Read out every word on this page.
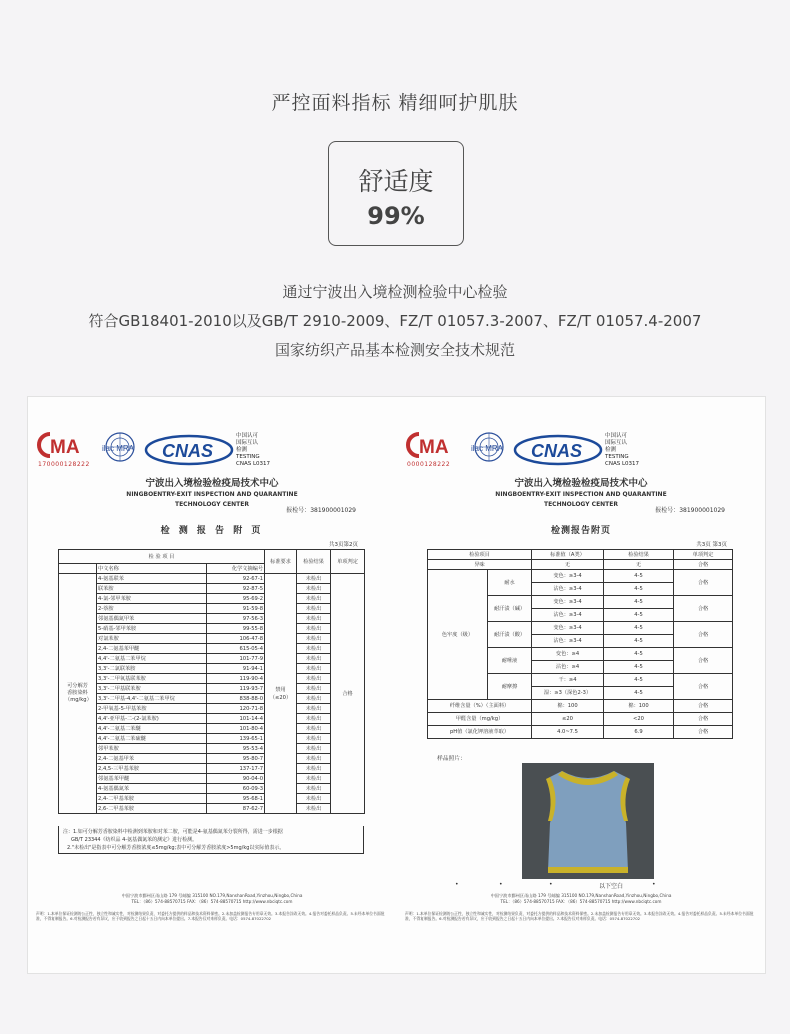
严控面料指标 精细呵护肌肤
舒适度
99%
通过宁波出入境检测检验中心检验
符合GB18401-2010以及GB/T 2910-2009、FZ/T 01057.3-2007、FZ/T 01057.4-2007
国家纺织产品基本检测安全技术规范
MA
170000128222
ilac MRA CNAS
中国认可
国际互认
检测
TESTING
CNAS L0317
宁波出入境检验检疫局技术中心
NINGBOENTRY-EXIT INSPECTION AND QUARANTINE
TECHNOLOGY CENTER
报检号：381900001029
检 测 报 告 附 页
共3页第2页
检 验 项 目			标准要求	检验结果	单项判定
	中文名称	化学文摘编号			
可分解芳香胺染料（mg/kg）	4-氨基联苯	92-67-1	禁用（≤20）	未检出	合格
	联苯胺	92-87-5		未检出	
	4-氯-邻甲苯胺	95-69-2		未检出	
	2-萘胺	91-59-8		未检出	
	邻氨基偶氮甲苯	97-56-3		未检出	
	5-硝基-邻甲苯胺	99-55-8		未检出	
	对氯苯胺	106-47-8		未检出	
	2,4-二氨基苯甲醚	615-05-4		未检出	
	4,4'-二氨基二苯甲烷	101-77-9		未检出	
	3,3'-二氯联苯胺	91-94-1		未检出	
	3,3'-二甲氧基联苯胺	119-90-4		未检出	
	3,3'-二甲基联苯胺	119-93-7		未检出	
	3,3'-二甲基-4,4'-二氨基二苯甲烷	838-88-0		未检出	
	2-甲氧基-5-甲基苯胺	120-71-8		未检出	
	4,4'-亚甲基-二-(2-氯苯胺)	101-14-4		未检出	
	4,4'-二氨基二苯醚	101-80-4		未检出	
	4,4'-二氨基二苯硫醚	139-65-1		未检出	
	邻甲苯胺	95-53-4		未检出	
	2,4-二氨基甲苯	95-80-7		未检出	
	2,4,5-三甲基苯胺	137-17-7		未检出	
	邻氨基苯甲醚	90-04-0		未检出	
	4-氨基偶氮苯	60-09-3		未检出	
	2,4-二甲基苯胺	95-68-1		未检出	
	2,6-二甲基苯胺	87-62-7		未检出	
注：1.如可分解芳香胺染料中检测到苯胺和对苯二胺，可能是4-氨基偶氮苯分裂所得，需进一步根据
GB/T 23344《纺织品 4-氨基偶氮苯的测定》进行检测。
2."未检出"是指表中可分解芳香胺浓度≤5mg/kg;表中可分解芳香胺浓度>5mg/kg以实际值表示。
中国宁波市鄞州区甬山路 179 号邮编 315100 NO.179,NanshanRoad,Yinzhou,Ningbo,China
TEL：（86）574-88570715 FAX：（86）574-88570715 http://www.nbciqtc.com
声明：1.本单位保证检测的公正性，独立性和诚实性，对检测结果负责，对委托方提供的样品和技术资料保密。2.未加盖检测报告专用章无效。3.本报告涂改无效。4.报告对委托样品负责。5.未经本单位书面批准，不得复制报告。6.对检测报告若有异议，应于收到报告之日起十五日内向本单位提出。7.本报告仅对来样负责。电话：0574-87022702
MA
0000128222
ilac MRA CNAS
中国认可
国际互认
检测
TESTING
CNAS L0317
宁波出入境检验检疫局技术中心
NINGBOENTRY-EXIT INSPECTION AND QUARANTINE
TECHNOLOGY CENTER
报检号：381900001029
检测报告附页
共3页 第3页
检验项目		标准值（A类）	检验结果	单项判定
异味		无	无	合格
色牢度（级）	耐水	变色：≥3-4	4-5	合格
		沾色：≥3-4	4-5	
	耐汗渍（碱）	变色：≥3-4	4-5	合格
		沾色：≥3-4	4-5	
	耐汗渍（酸）	变色：≥3-4	4-5	合格
		沾色：≥3-4	4-5	
	耐唾液	变色：≥4	4-5	合格
		沾色：≥4	4-5	
	耐摩擦	干：≥4	4-5	合格
		湿：≥3（深色2-3）	4-5	
纤维含量（%）（主面料）		棉：100	棉：100	合格
甲醛含量（mg/kg）		≤20	<20	合格
pH值（氯化钾溶液萃取）		4.0~7.5	6.9	合格
样品照片：
•	•	•	以下空白	•
中国宁波市鄞州区甬山路 179 号邮编 315100 NO.179,NanshanRoad,Yinzhou,Ningbo,China
TEL：（86）574-88570715 FAX：（86）574-88570715 http://www.nbciqtc.com
声明：1.本单位保证检测的公正性，独立性和诚实性，对检测结果负责，对委托方提供的样品和技术资料保密。2.未加盖检测报告专用章无效。3.本报告涂改无效。4.报告对委托样品负责。5.未经本单位书面批准，不得复制报告。6.对检测报告若有异议，应于收到报告之日起十五日内向本单位提出。7.本报告仅对来样负责。电话：0574-87022702
